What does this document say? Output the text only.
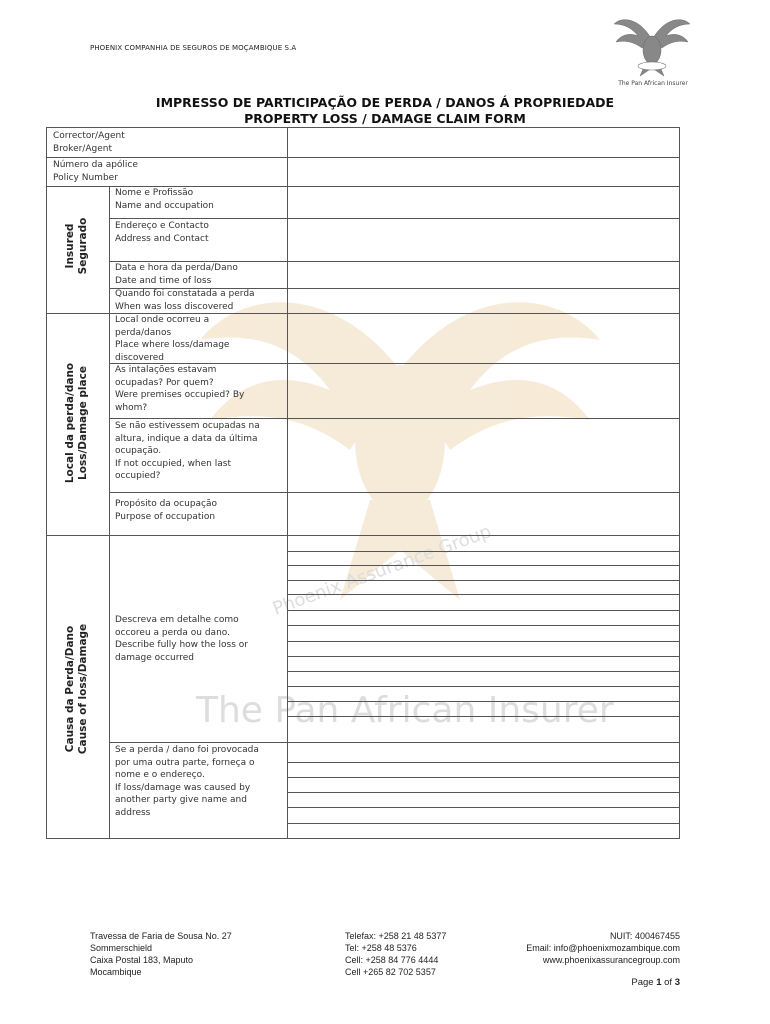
Phoenix Assurance Group
The Pan African Insurer
PHOENIX COMPANHIA DE SEGUROS DE MOÇAMBIQUE S.A
The Pan African Insurer
IMPRESSO DE PARTICIPAÇÃO DE PERDA / DANOS Á PROPRIEDADE
PROPERTY LOSS / DAMAGE CLAIM FORM
Corrector/Agent
Broker/Agent
Número da apólice
Policy Number
Insured
Segurado
Local da perda/dano
Loss/Damage place
Causa da Perda/Dano
Cause of loss/Damage
Nome e Profissão
Name and occupation
Endereço e Contacto
Address and Contact
Data e hora da perda/Dano
Date and time of loss
Quando foi constatada a perda
When was loss discovered
Local onde ocorreu a
perda/danos
Place where loss/damage
discovered
As intalações estavam
ocupadas? Por quem?
Were premises occupied? By
whom?
Se não estivessem ocupadas na
altura, indique a data da última
ocupação.
If not occupied, when last
occupied?
Propósito da ocupação
Purpose of occupation
Descreva em detalhe como
occoreu a perda ou dano.
Describe fully how the loss or
damage occurred
Se a perda / dano foi provocada
por uma outra parte, forneça o
nome e o endereço.
If loss/damage was caused by
another party give name and
address
Travessa de Faria de Sousa No. 27
Sommerschield
Caixa Postal 183, Maputo
Mocambique
Telefax: +258 21 48 5377
Tel: +258 48 5376
Cell: +258 84 776 4444
Cell +265 82 702 5357
NUIT: 400467455
Email: info@phoenixmozambique.com
www.phoenixassurancegroup.com
Page 1 of 3
